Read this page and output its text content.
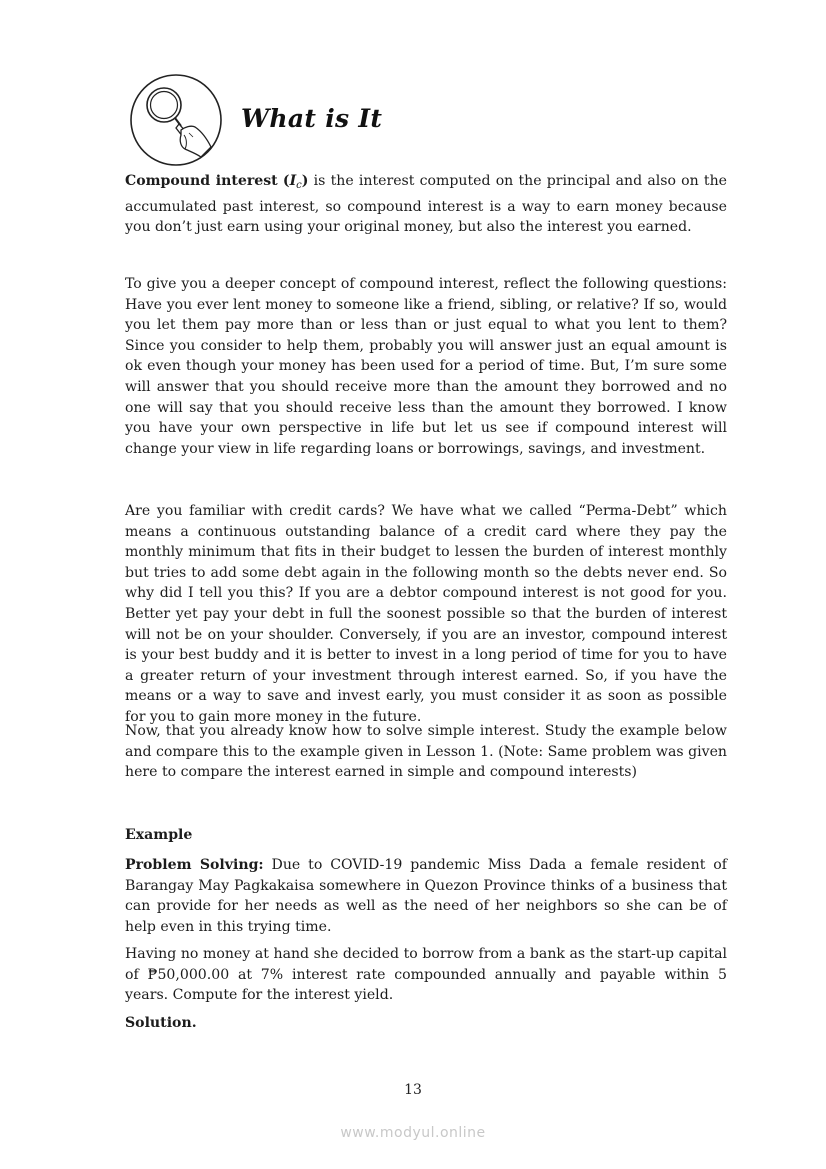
What is It

Compound interest $(I_c)$ is the interest computed on the principal and also on the accumulated past interest, so compound interest is a way to earn money because you don’t just earn using your original money, but also the interest you earned.

To give you a deeper concept of compound interest, reflect the following questions: Have you ever lent money to someone like a friend, sibling, or relative? If so, would you let them pay more than or less than or just equal to what you lent to them? Since you consider to help them, probably you will answer just an equal amount is ok even though your money has been used for a period of time. But, I’m sure some will answer that you should receive more than the amount they borrowed and no one will say that you should receive less than the amount they borrowed. I know you have your own perspective in life but let us see if compound interest will change your view in life regarding loans or borrowings, savings, and investment.

Are you familiar with credit cards? We have what we called “Perma-Debt” which means a continuous outstanding balance of a credit card where they pay the monthly minimum that fits in their budget to lessen the burden of interest monthly but tries to add some debt again in the following month so the debts never end. So why did I tell you this? If you are a debtor compound interest is not good for you. Better yet pay your debt in full the soonest possible so that the burden of interest will not be on your shoulder. Conversely, if you are an investor, compound interest is your best buddy and it is better to invest in a long period of time for you to have a greater return of your investment through interest earned. So, if you have the means or a way to save and invest early, you must consider it as soon as possible for you to gain more money in the future.

Now, that you already know how to solve simple interest. Study the example below and compare this to the example given in Lesson 1. (Note: Same problem was given here to compare the interest earned in simple and compound interests)

Example

Problem Solving: Due to COVID-19 pandemic Miss Dada a female resident of Barangay May Pagkakaisa somewhere in Quezon Province thinks of a business that can provide for her needs as well as the need of her neighbors so she can be of help even in this trying time.

Having no money at hand she decided to borrow from a bank as the start-up capital of ₱50,000.00 at 7% interest rate compounded annually and payable within 5 years. Compute for the interest yield.

Solution.
13
www.modyul.online
